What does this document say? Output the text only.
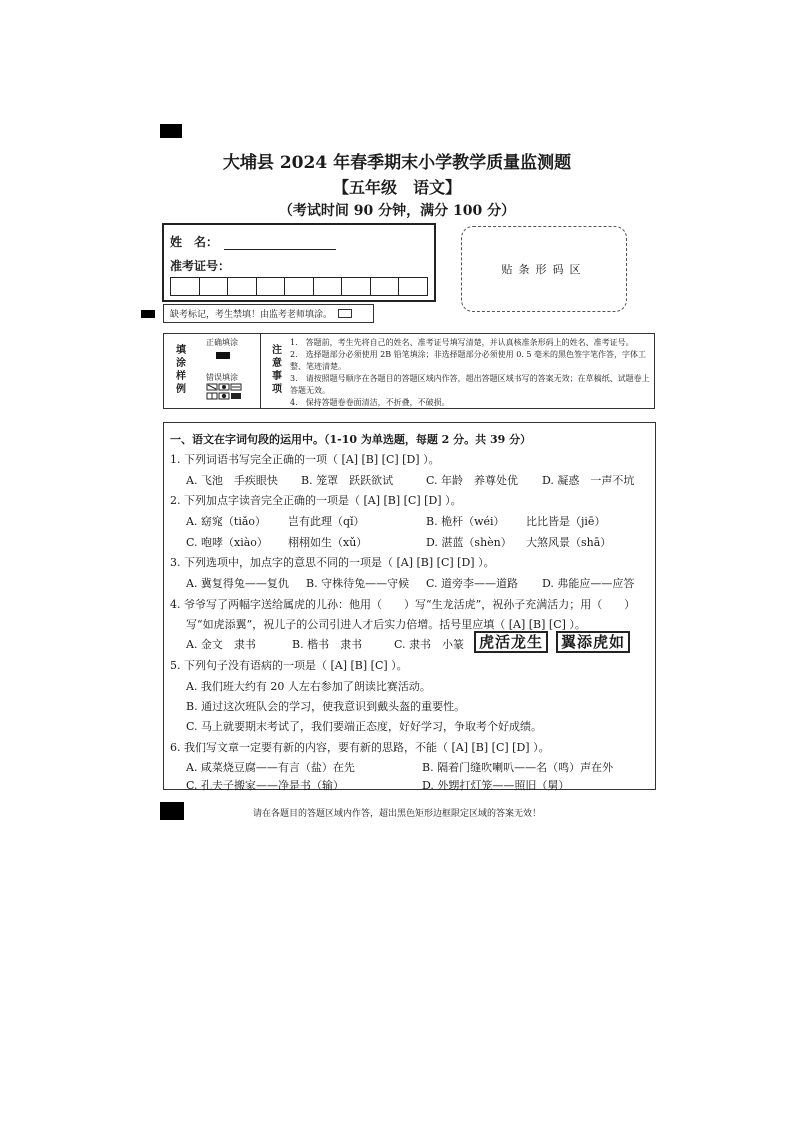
大埔县 2024 年春季期末小学教学质量监测题
【五年级　语文】
（考试时间 90 分钟，满分 100 分）
姓　名：
准考证号：	贴条形码区
缺考标记，考生禁填！由监考老师填涂。
填
涂
样
例
正确填涂
错误填涂
注
意
事
项
1.　答题前，考生先将自己的姓名、准考证号填写清楚，并认真核准条形码上的姓名、准考证号。
2.　选择题部分必须使用 2B 铅笔填涂；非选择题部分必须使用 0. 5 毫米的黑色签字笔作答，字体工整、笔迹清楚。
3.　请按照题号顺序在各题目的答题区域内作答，超出答题区域书写的答案无效；在草稿纸、试题卷上答题无效。
4.　保持答题卷卷面清洁，不折叠，不破损。
一、语文在字词句段的运用中。（1-10 为单选题，每题 2 分。共 39 分）
1. 下列词语书写完全正确的一项（ [A] [B] [C] [D] ）。
A. 飞池　手疾眼快 B. 笼罩　跃跃欲试	C. 年龄　养尊处优 D. 凝惑　一声不坑
2. 下列加点字读音完全正确的一项是（ [A] [B] [C] [D] ）。
A. 窈窕（tiǎo） 岂有此理（qǐ）	B. 桅杆（wéi） 比比皆是（jiē）
C. 咆哮（xiào） 栩栩如生（xǔ）	D. 湛蓝（shèn） 大煞风景（shā）
3. 下列选项中，加点字的意思不同的一项是（ [A] [B] [C] [D] ）。
A. 冀复得兔——复仇 B. 守株待兔——守候 C. 道旁李——道路 D. 弗能应——应答
4. 爷爷写了两幅字送给属虎的儿孙：他用（　　）写“生龙活虎”，祝孙子充满活力；用（　　）
写“如虎添翼”，祝儿子的公司引进人才后实力倍增。括号里应填（ [A] [B] [C] ）。
A. 金文　隶书	B. 楷书　隶书	C. 隶书　小篆 虎活龙生	翼添虎如
5. 下列句子没有语病的一项是（ [A] [B] [C] ）。
A. 我们班大约有 20 人左右参加了朗读比赛活动。
B. 通过这次班队会的学习，使我意识到戴头盔的重要性。
C. 马上就要期末考试了，我们要端正态度，好好学习，争取考个好成绩。
6. 我们写文章一定要有新的内容，要有新的思路，不能（ [A] [B] [C] [D] ）。
A. 咸菜烧豆腐——有言（盐）在先	B. 隔着门缝吹喇叭——名（鸣）声在外
C. 孔夫子搬家——净是书（输）	D. 外甥打灯笼——照旧（舅）
请在各题目的答题区域内作答，超出黑色矩形边框限定区域的答案无效！
